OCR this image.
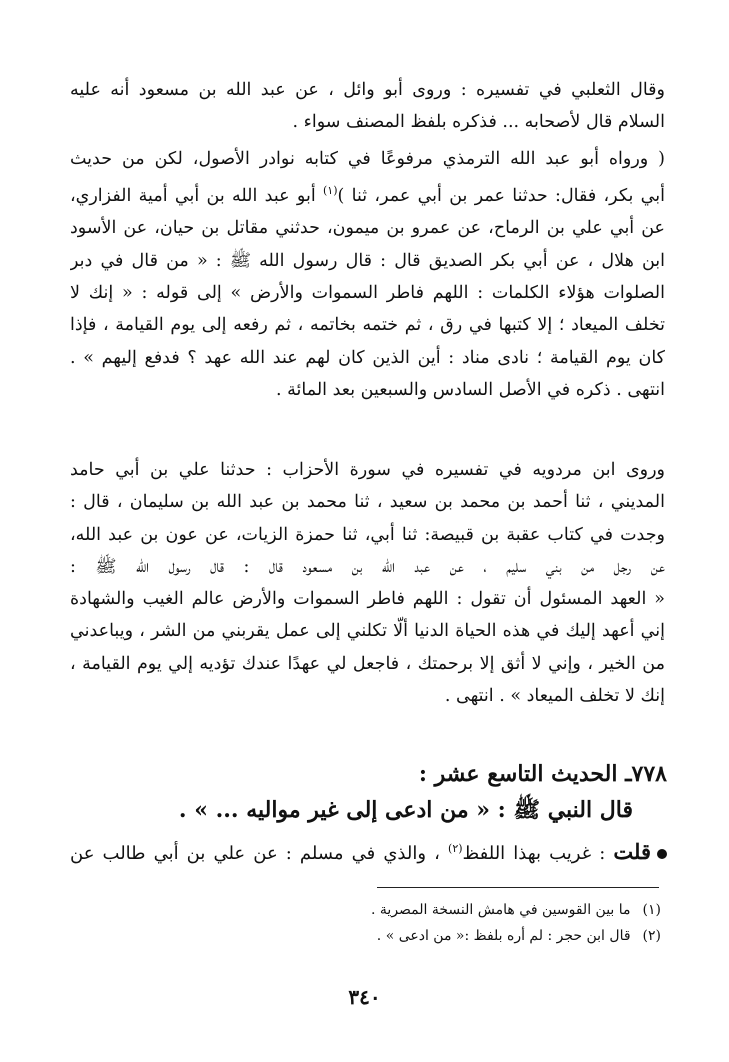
وقال الثعلبي في تفسيره : وروى أبو وائل ، عن عبد الله بن مسعود أنه عليه
السلام قال لأصحابه ... فذكره بلفظ المصنف سواء .
( ورواه أبو عبد الله الترمذي مرفوعًا في كتابه نوادر الأصول، لكن من حديث
أبي بكر، فقال: حدثنا عمر بن أبي عمر، ثنا )$^{(١)}$ أبو عبد الله بن أبي أمية الفزاري،
عن أبي علي بن الرماح، عن عمرو بن ميمون، حدثني مقاتل بن حيان، عن الأسود
ابن هلال ، عن أبي بكر الصديق قال : قال رسول الله ﷺ : « من قال في دبر
الصلوات هؤلاء الكلمات : اللهم فاطر السموات والأرض » إلى قوله : « إنك لا
تخلف الميعاد ؛ إلا كتبها في رق ، ثم ختمه بخاتمه ، ثم رفعه إلى يوم القيامة ، فإذا
كان يوم القيامة ؛ نادى مناد : أين الذين كان لهم عند الله عهد ؟ فدفع إليهم » .
انتهى . ذكره في الأصل السادس والسبعين بعد المائة .
وروى ابن مردويه في تفسيره في سورة الأحزاب : حدثنا علي بن أبي حامد
المديني ، ثنا أحمد بن محمد بن سعيد ، ثنا محمد بن عبد الله بن سليمان ، قال :
وجدت في كتاب عقبة بن قبيصة: ثنا أبي، ثنا حمزة الزيات، عن عون بن عبد الله،
عن رجل من بني سليم ، عن عبد الله بن مسعود قال : قال رسول الله ﷺ :
« العهد المسئول أن تقول : اللهم فاطر السموات والأرض عالم الغيب والشهادة
إني أعهد إليك في هذه الحياة الدنيا ألّا تكلني إلى عمل يقربني من الشر ، ويباعدني
من الخير ، وإني لا أثق إلا برحمتك ، فاجعل لي عهدًا عندك تؤديه إلي يوم القيامة ،
إنك لا تخلف الميعاد » . انتهى .
٧٧٨ـ الحديث التاسع عشر :
قال النبي ﷺ : « من ادعى إلى غير مواليه ... » .
قلت : غريب بهذا اللفظ$^{(٢)}$ ، والذي في مسلم : عن علي بن أبي طالب عن
(١)ما بين القوسين في هامش النسخة المصرية .
(٢)قال ابن حجر : لم أره بلفظ :« من ادعى » .
٣٤٠
